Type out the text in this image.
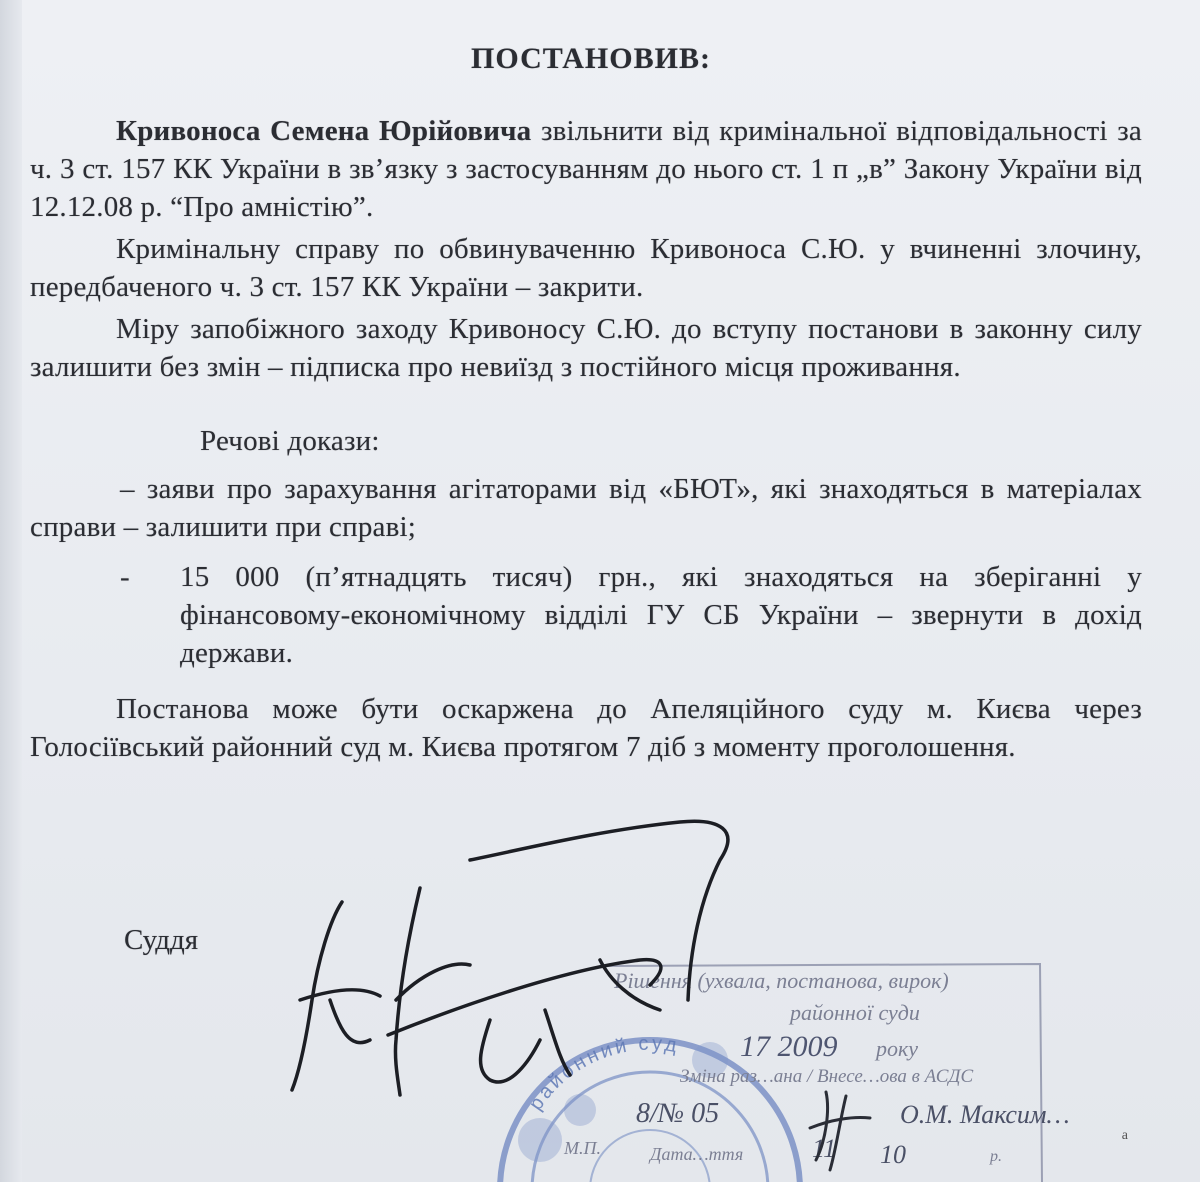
ПОСТАНОВИВ:

Кривоноса Семена Юрійовича звільнити від кримінальної відповідальності за ч. 3 ст. 157 КК України в зв’язку з застосуванням до нього ст. 1 п „в” Закону України від 12.12.08 р. “Про амністію”.

Кримінальну справу по обвинуваченню Кривоноса С.Ю. у вчиненні злочину, передбаченого ч. 3 ст. 157 КК України – закрити.

Міру запобіжного заходу Кривоносу С.Ю. до вступу постанови в законну силу залишити без змін – підписка про невиїзд з постійного місця проживання.

Речові докази:

– заяви про зарахування агітаторами від «БЮТ», які знаходяться в матеріалах справи – залишити при справі;

-	15 000 (п’ятнадцять тисяч) грн., які знаходяться на зберіганні у фінансовому-економічному відділі ГУ СБ України – звернути в дохід держави.

Постанова може бути оскаржена до Апеляційного суду м. Києва через Голосіївський районний суд м. Києва протягом 7 діб з моменту проголошення.

Суддя
районний суд
Рішення (ухвала, постанова, вирок)
районної суди
17 2009 року
Зміна раз…ана / Внесе…ова в АСДС
8/№ 05	О.М. Максим…
М.П.	Дата…ття	11 10	р.
а
